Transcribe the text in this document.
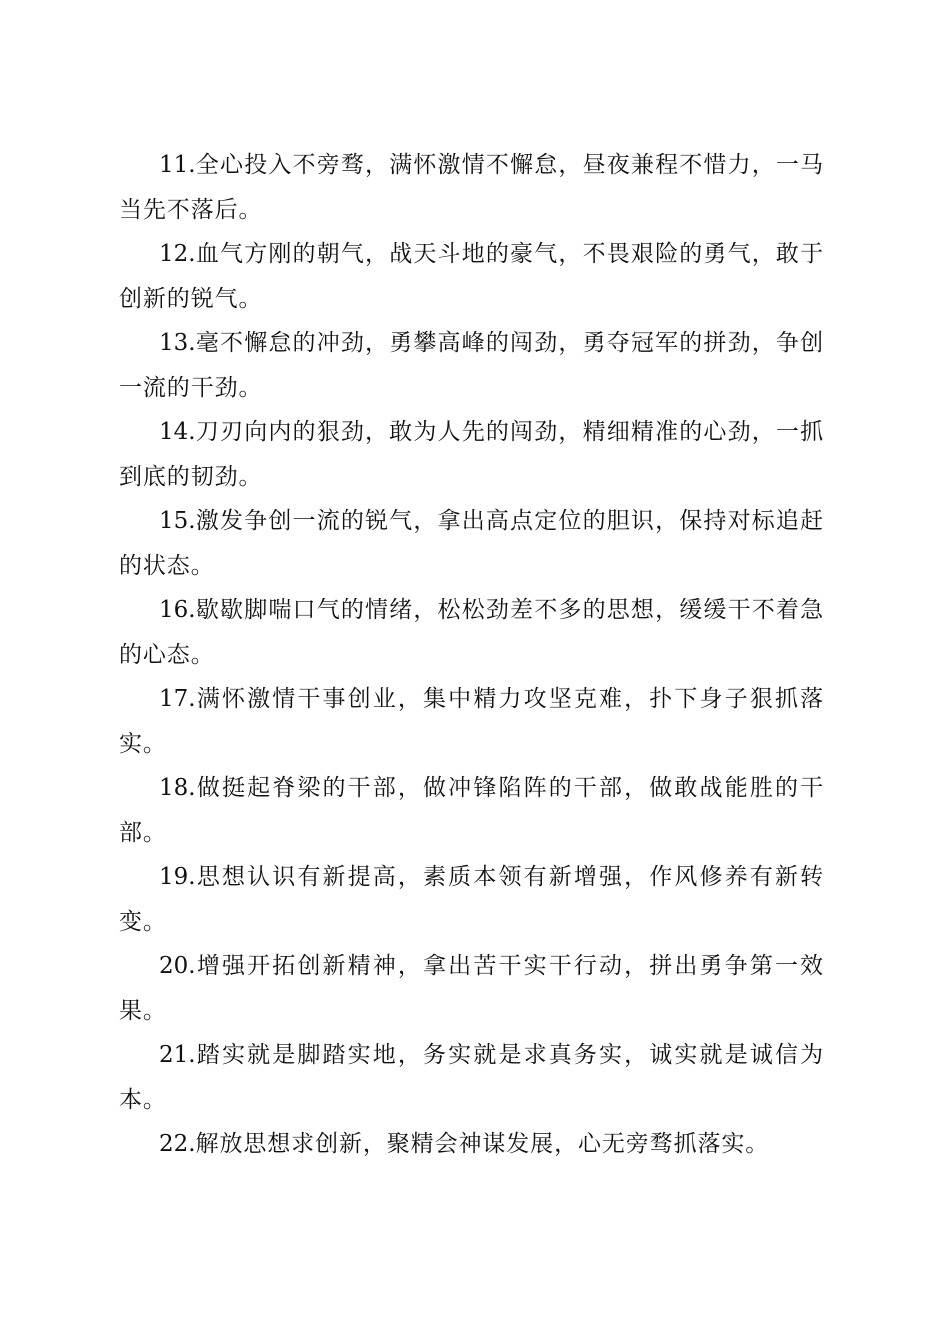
11.全心投入不旁骛，满怀激情不懈怠，昼夜兼程不惜力，一马当先不落后。

12.血气方刚的朝气，战天斗地的豪气，不畏艰险的勇气，敢于创新的锐气。

13.毫不懈怠的冲劲，勇攀高峰的闯劲，勇夺冠军的拼劲，争创一流的干劲。

14.刀刃向内的狠劲，敢为人先的闯劲，精细精准的心劲，一抓到底的韧劲。

15.激发争创一流的锐气，拿出高点定位的胆识，保持对标追赶的状态。

16.歇歇脚喘口气的情绪，松松劲差不多的思想，缓缓干不着急的心态。

17.满怀激情干事创业，集中精力攻坚克难，扑下身子狠抓落实。

18.做挺起脊梁的干部，做冲锋陷阵的干部，做敢战能胜的干部。

19.思想认识有新提高，素质本领有新增强，作风修养有新转变。

20.增强开拓创新精神，拿出苦干实干行动，拼出勇争第一效果。

21.踏实就是脚踏实地，务实就是求真务实，诚实就是诚信为本。

22.解放思想求创新，聚精会神谋发展，心无旁骛抓落实。
